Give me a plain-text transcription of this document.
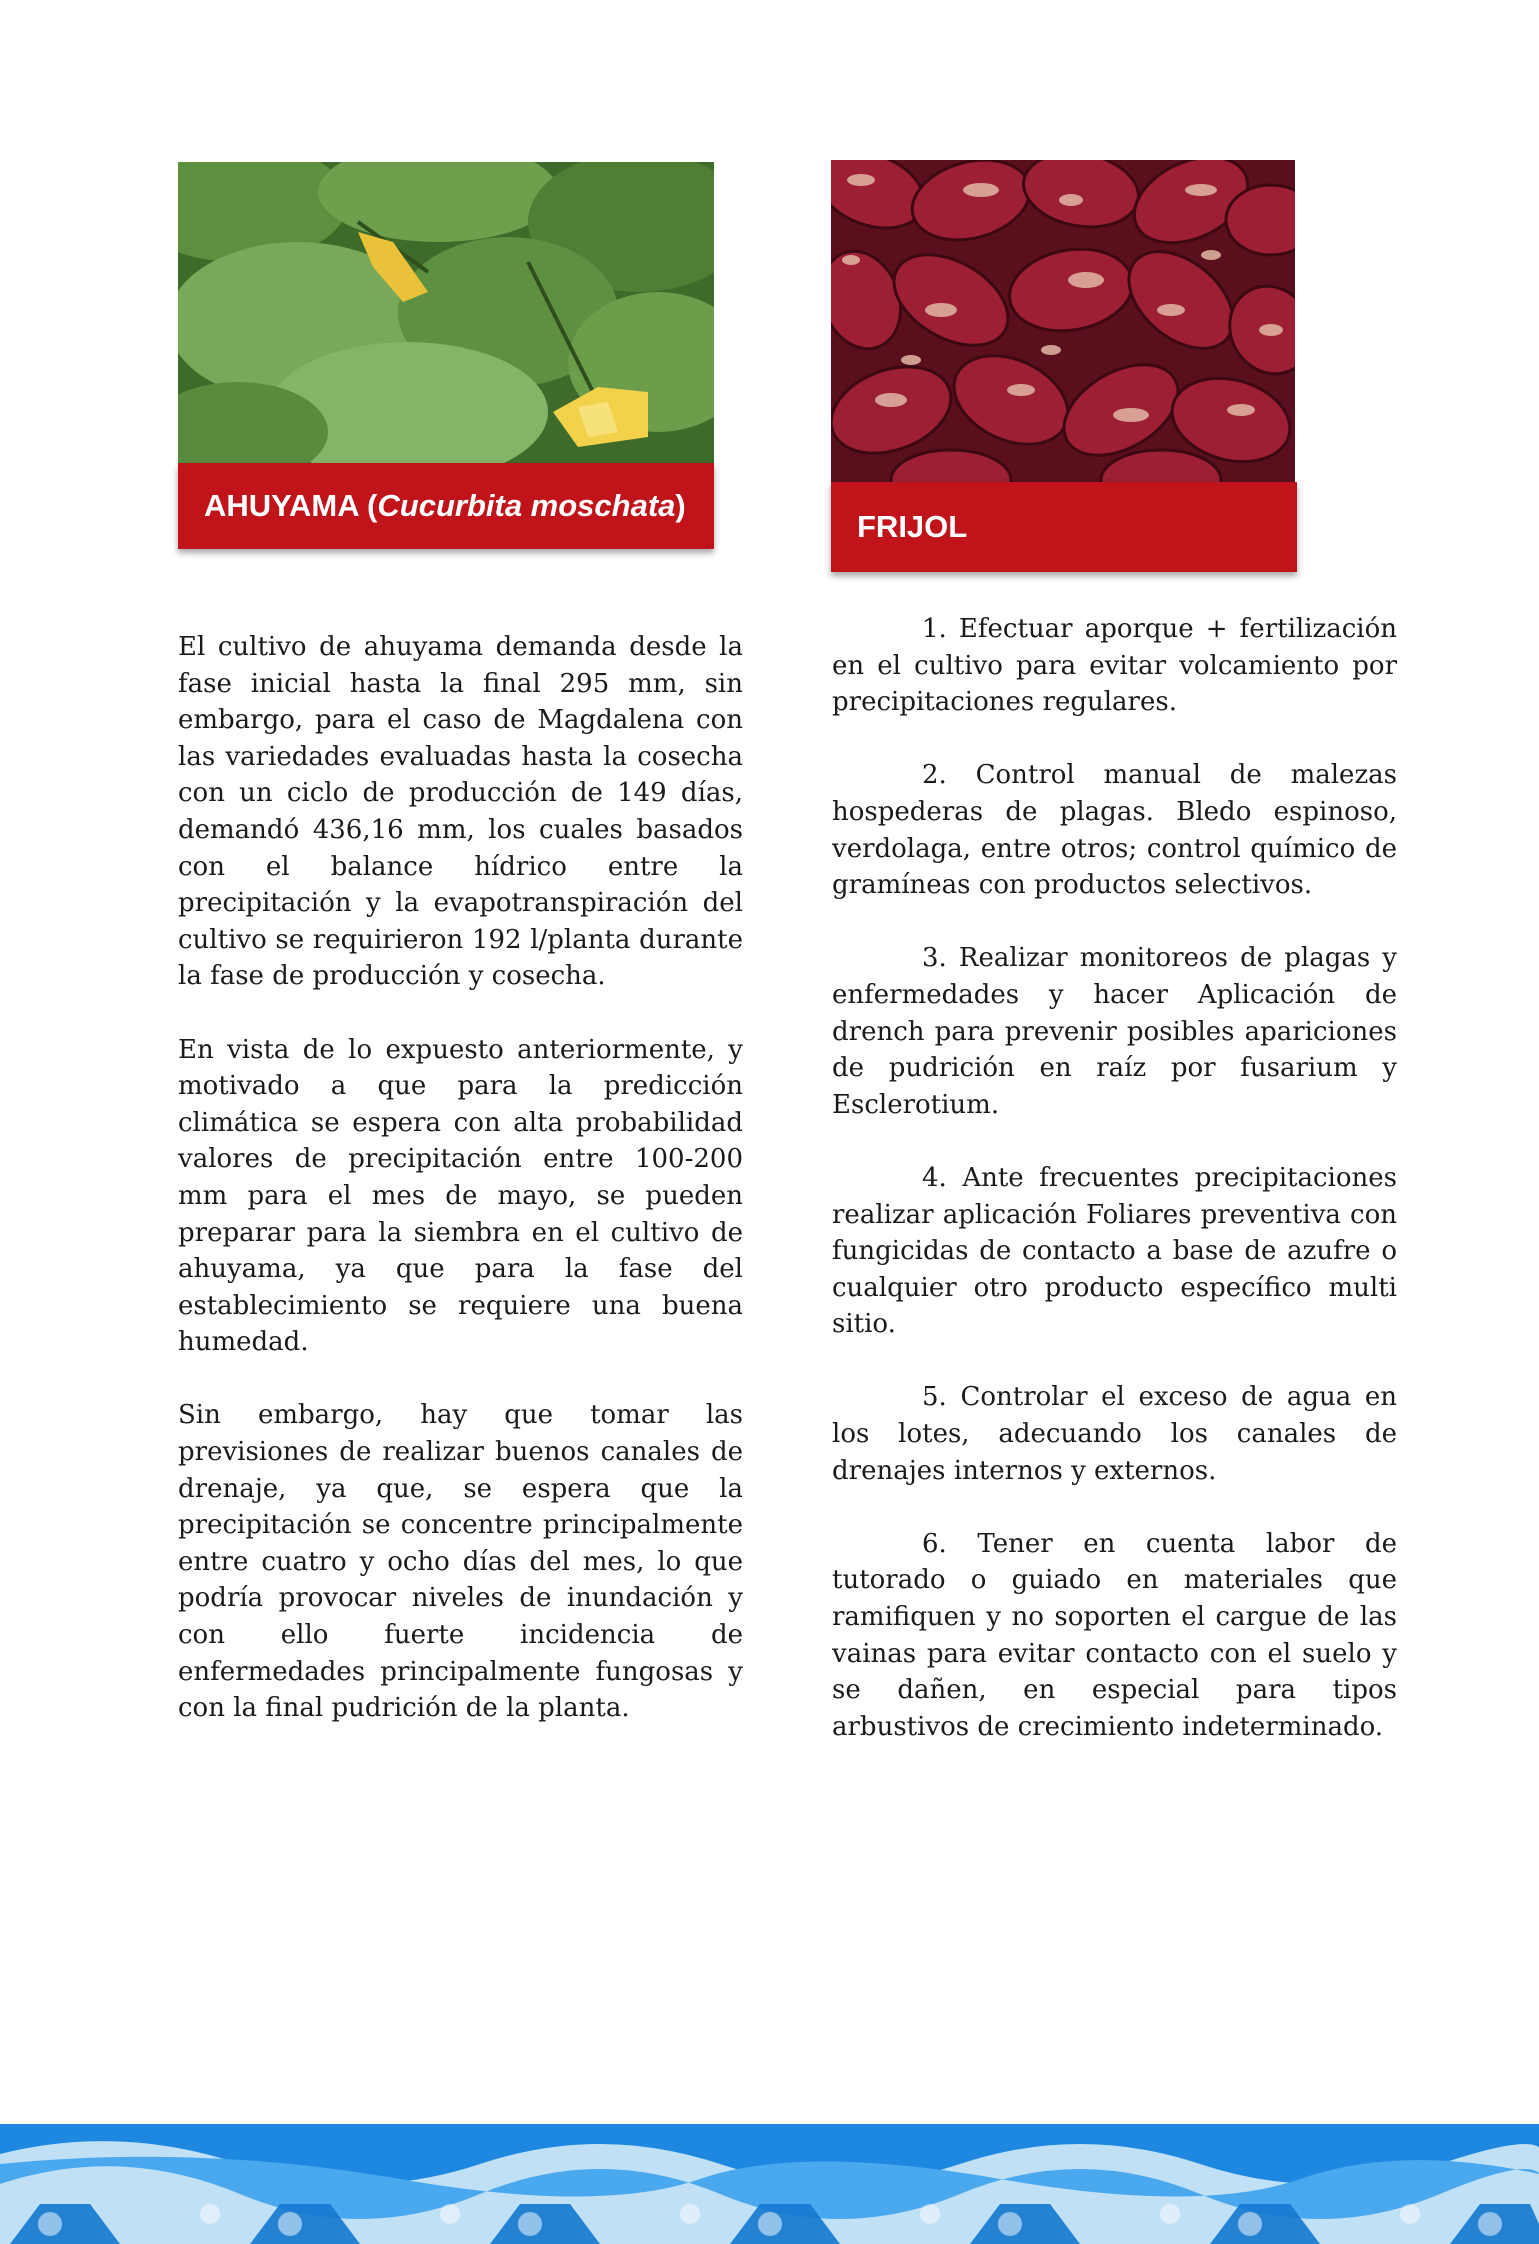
AHUYAMA ( Cucurbita moschata )
FRIJOL

El cultivo de ahuyama demanda desde la fase inicial hasta la final 295 mm, sin embargo, para el caso de Magdalena con las variedades evaluadas hasta la cosecha con un ciclo de producción de 149 días, demandó 436,16 mm, los cuales basados con el balance hídrico entre la precipitación y la evapotranspiración del cultivo se requirieron 192 l/planta durante la fase de producción y cosecha.

En vista de lo expuesto anteriormente, y motivado a que para la predicción climática se espera con alta probabilidad valores de precipitación entre 100-200 mm para el mes de mayo, se pueden preparar para la siembra en el cultivo de ahuyama, ya que para la fase del establecimiento se requiere una buena humedad.

Sin embargo, hay que tomar las previsiones de realizar buenos canales de drenaje, ya que, se espera que la precipitación se concentre principalmente entre cuatro y ocho días del mes, lo que podría provocar niveles de inundación y con ello fuerte incidencia de enfermedades principalmente fungosas y con la final pudrición de la planta.

1. Efectuar aporque + fertilización en el cultivo para evitar volcamiento por precipitaciones regulares.

2. Control manual de malezas hospederas de plagas. Bledo espinoso, verdolaga, entre otros; control químico de gramíneas con productos selectivos.

3. Realizar monitoreos de plagas y enfermedades y hacer Aplicación de drench para prevenir posibles apariciones de pudrición en raíz por fusarium y Esclerotium.

4. Ante frecuentes precipitaciones realizar aplicación Foliares preventiva con fungicidas de contacto a base de azufre o cualquier otro producto específico multi sitio.

5. Controlar el exceso de agua en los lotes, adecuando los canales de drenajes internos y externos.

6. Tener en cuenta labor de tutorado o guiado en materiales que ramifiquen y no soporten el cargue de las vainas para evitar contacto con el suelo y se dañen, en especial para tipos arbustivos de crecimiento indeterminado.
